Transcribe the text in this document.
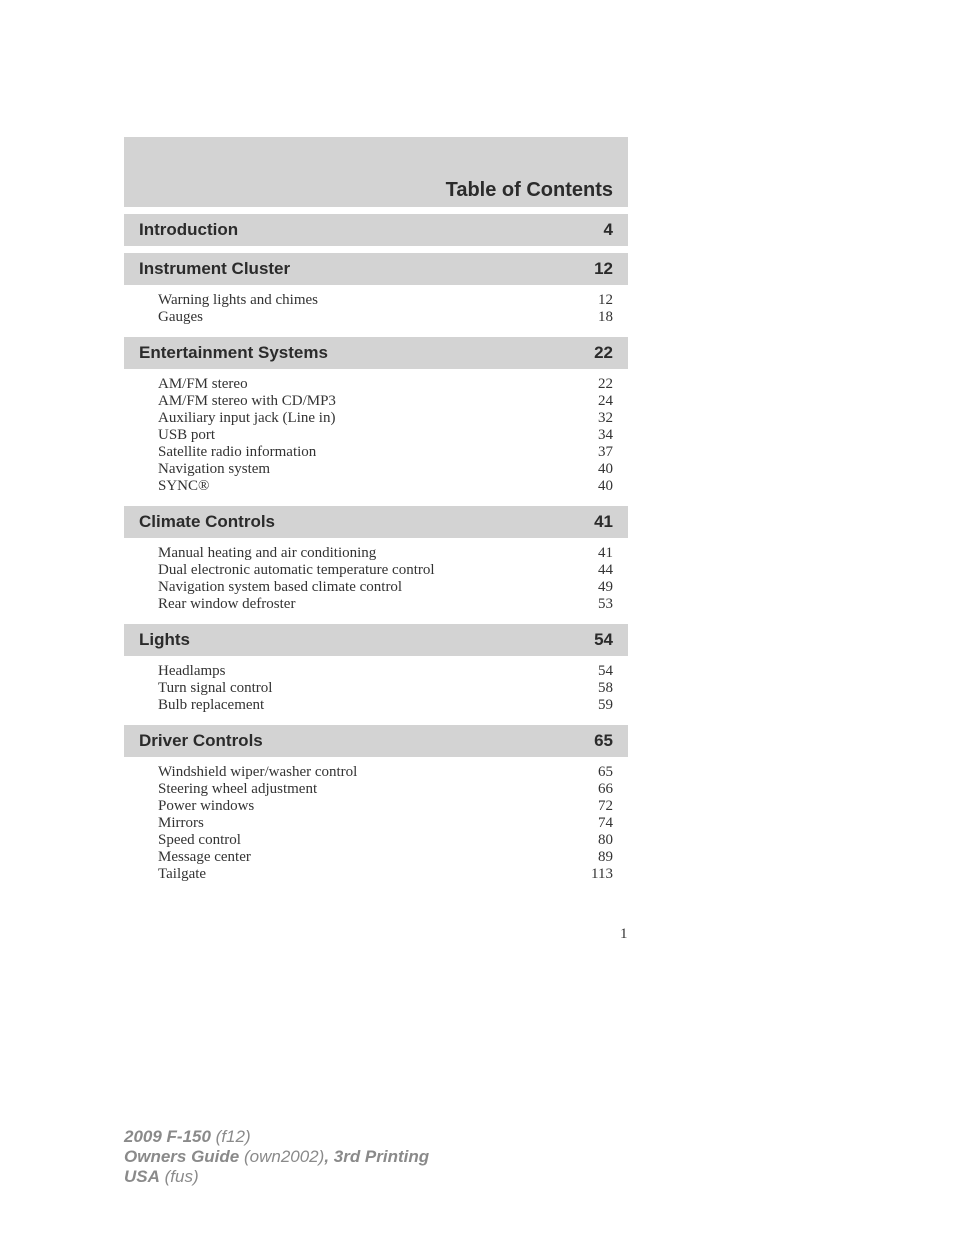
Table of Contents
Introduction	4
Instrument Cluster	12
Warning lights and chimes	12
Gauges	18
Entertainment Systems	22
AM/FM stereo	22
AM/FM stereo with CD/MP3	24
Auxiliary input jack (Line in)	32
USB port	34
Satellite radio information	37
Navigation system	40
SYNC®	40
Climate Controls	41
Manual heating and air conditioning	41
Dual electronic automatic temperature control	44
Navigation system based climate control	49
Rear window defroster	53
Lights	54
Headlamps	54
Turn signal control	58
Bulb replacement	59
Driver Controls	65
Windshield wiper/washer control	65
Steering wheel adjustment	66
Power windows	72
Mirrors	74
Speed control	80
Message center	89
Tailgate	113
1
2009 F-150 (f12)
Owners Guide (own2002), 3rd Printing
USA (fus)
